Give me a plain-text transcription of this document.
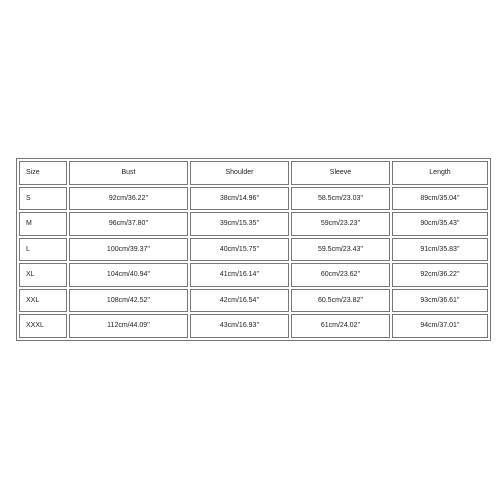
Size	Bust	Shoulder	Sleeve	Length
S	92cm/36.22''	38cm/14.96''	58.5cm/23.03''	89cm/35.04''
M	96cm/37.80''	39cm/15.35''	59cm/23.23''	90cm/35.43''
L	100cm/39.37''	40cm/15.75''	59.5cm/23.43''	91cm/35.83''
XL	104cm/40.94''	41cm/16.14''	60cm/23.62''	92cm/36.22''
XXL	108cm/42.52''	42cm/16.54''	60.5cm/23.82''	93cm/36.61''
XXXL	112cm/44.09''	43cm/16.93''	61cm/24.02''	94cm/37.01''
